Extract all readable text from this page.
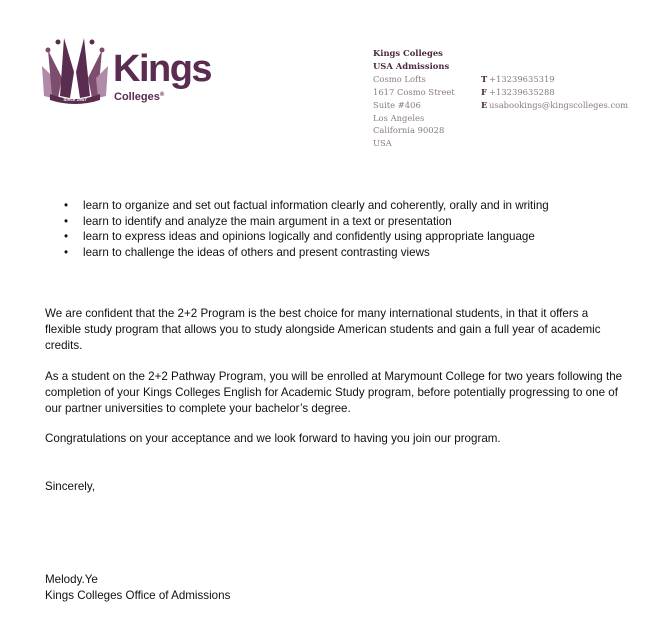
Since 1957
Kings
Colleges®
Kings Colleges
USA Admissions
Cosmo Lofts
1617 Cosmo Street
Suite #406
Los Angeles
California 90028
USA
T +13239635319
F +13239635288
E usabookings@kingscolleges.com
• learn to organize and set out factual information clearly and coherently, orally and in writing
• learn to identify and analyze the main argument in a text or presentation
• learn to express ideas and opinions logically and confidently using appropriate language
• learn to challenge the ideas of others and present contrasting views

We are confident that the 2+2 Program is the best choice for many international students, in that it offers a flexible study program that allows you to study alongside American students and gain a full year of academic credits.

As a student on the 2+2 Pathway Program, you will be enrolled at Marymount College for two years following the completion of your Kings Colleges English for Academic Study program, before potentially progressing to one of our partner universities to complete your bachelor’s degree.

Congratulations on your acceptance and we look forward to having you join our program.

Sincerely,

Melody.Ye

Kings Colleges Office of Admissions
